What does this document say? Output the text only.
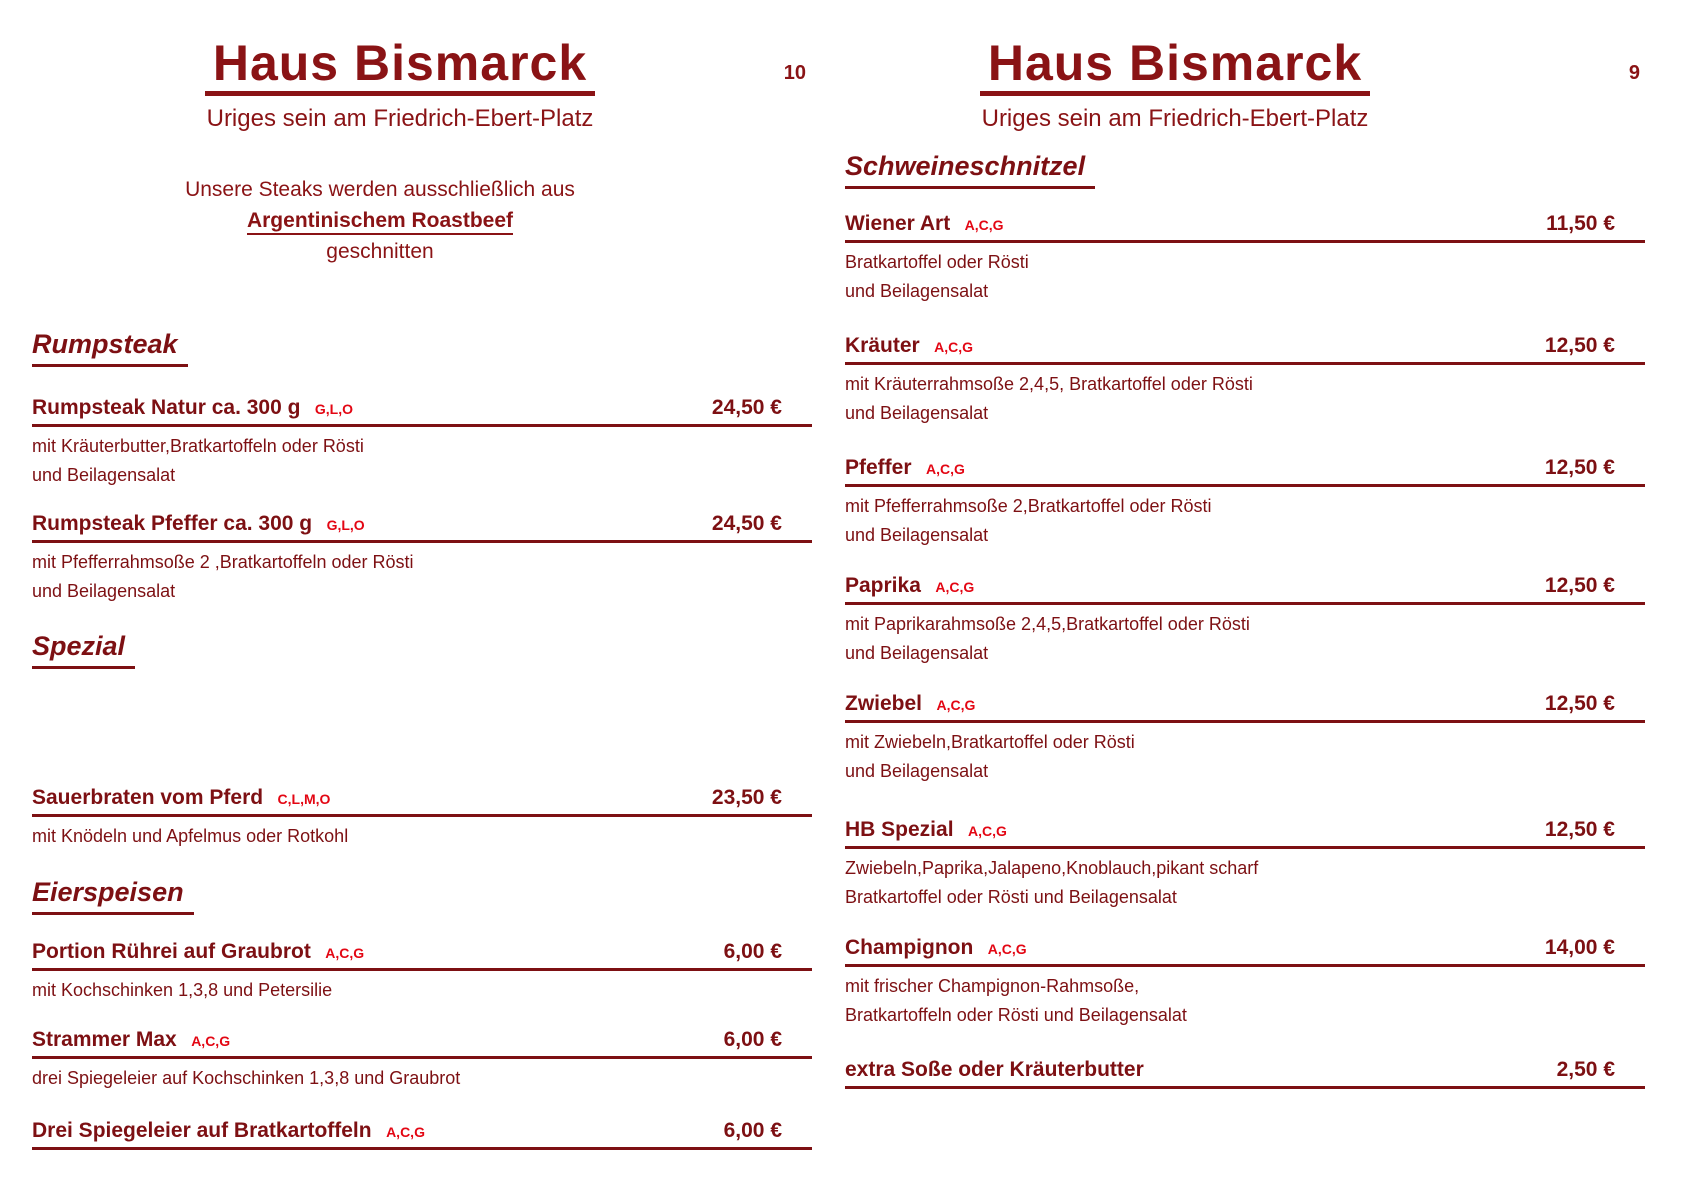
Haus Bismarck
Uriges sein am Friedrich-Ebert-Platz
10
Unsere Steaks werden ausschließlich aus
Argentinischem Roastbeef
geschnitten
Rumpsteak
Rumpsteak Natur ca. 300 g G,L,O	24,50 €
mit Kräuterbutter,Bratkartoffeln oder Rösti
und Beilagensalat
Rumpsteak Pfeffer ca. 300 g G,L,O	24,50 €
mit Pfefferrahmsoße 2 ,Bratkartoffeln oder Rösti
und Beilagensalat
Spezial
Sauerbraten vom Pferd C,L,M,O	23,50 €
mit Knödeln und Apfelmus oder Rotkohl
Eierspeisen
Portion Rührei auf Graubrot A,C,G	6,00 €
mit Kochschinken 1,3,8 und Petersilie
Strammer Max A,C,G	6,00 €
drei Spiegeleier auf Kochschinken 1,3,8 und Graubrot
Drei Spiegeleier auf Bratkartoffeln A,C,G	6,00 €
Haus Bismarck
Uriges sein am Friedrich-Ebert-Platz
9
Schweineschnitzel
Wiener Art A,C,G	11,50 €
Bratkartoffel oder Rösti
und Beilagensalat
Kräuter A,C,G	12,50 €
mit Kräuterrahmsoße 2,4,5, Bratkartoffel oder Rösti
und Beilagensalat
Pfeffer A,C,G	12,50 €
mit Pfefferrahmsoße 2,Bratkartoffel oder Rösti
und Beilagensalat
Paprika A,C,G	12,50 €
mit Paprikarahmsoße 2,4,5,Bratkartoffel oder Rösti
und Beilagensalat
Zwiebel A,C,G	12,50 €
mit Zwiebeln,Bratkartoffel oder Rösti
und Beilagensalat
HB Spezial A,C,G	12,50 €
Zwiebeln,Paprika,Jalapeno,Knoblauch,pikant scharf
Bratkartoffel oder Rösti und Beilagensalat
Champignon A,C,G	14,00 €
mit frischer Champignon-Rahmsoße,
Bratkartoffeln oder Rösti und Beilagensalat
extra Soße oder Kräuterbutter	2,50 €
